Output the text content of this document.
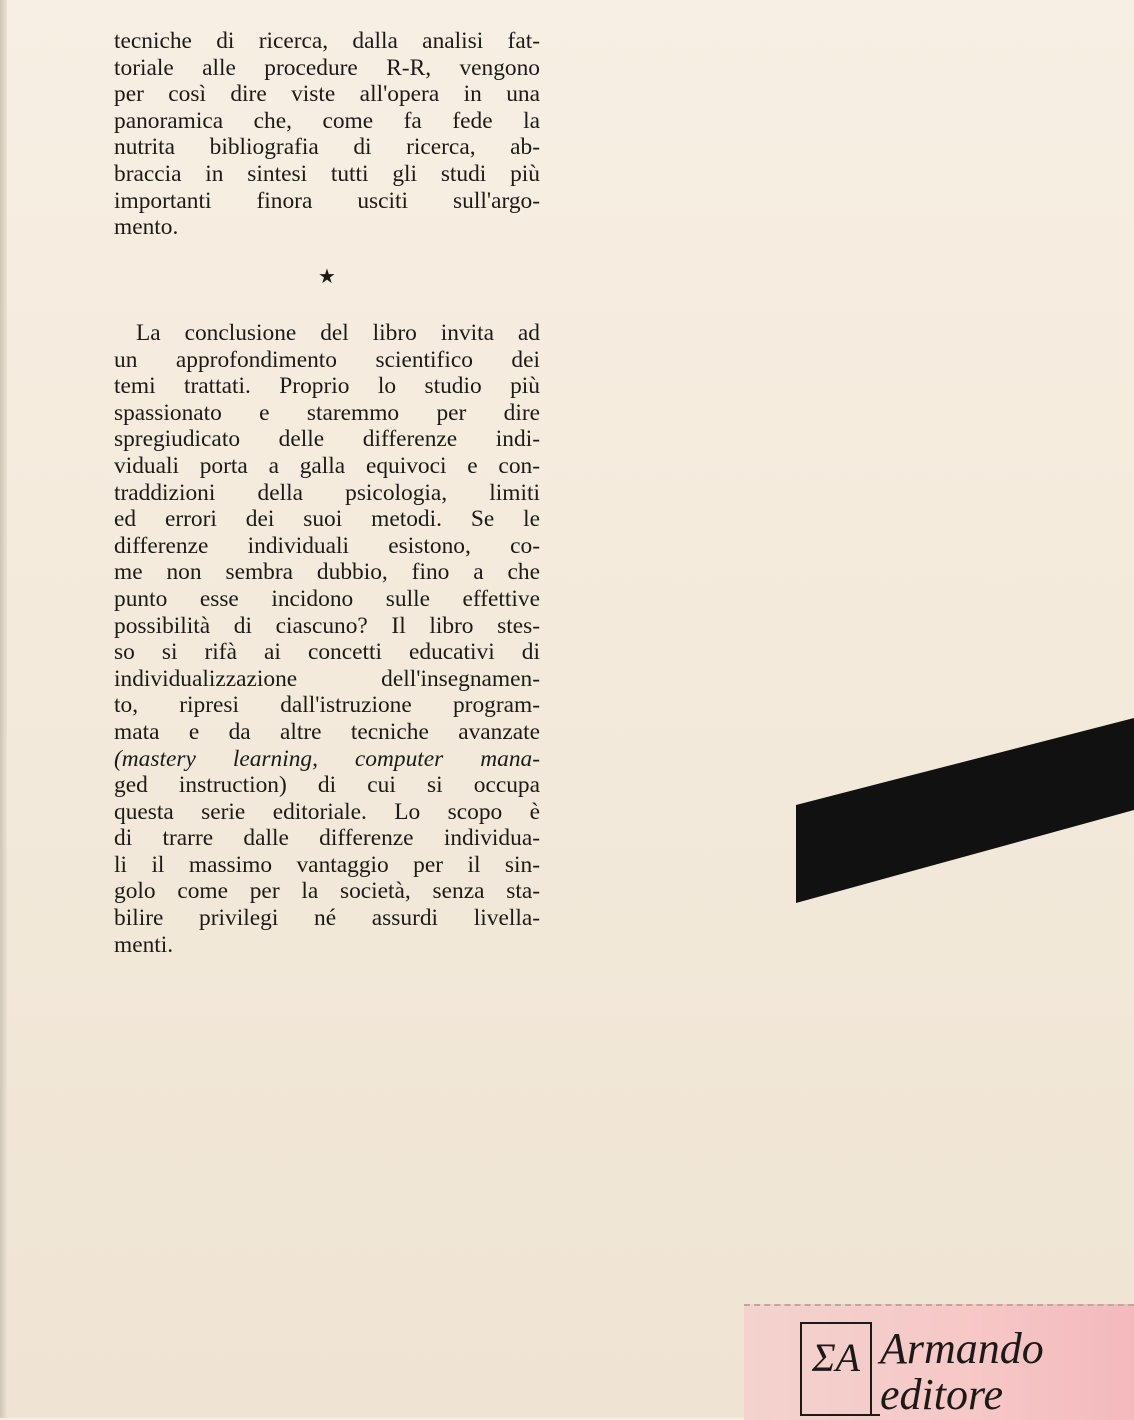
tecniche di ricerca, dalla analisi fat-
toriale alle procedure R-R, vengono
per così dire viste all'opera in una
panoramica che, come fa fede la
nutrita bibliografia di ricerca, ab-
braccia in sintesi tutti gli studi più
importanti finora usciti sull'argo-
mento.
★
La conclusione del libro invita ad
un approfondimento scientifico dei
temi trattati. Proprio lo studio più
spassionato e staremmo per dire
spregiudicato delle differenze indi-
viduali porta a galla equivoci e con-
traddizioni della psicologia, limiti
ed errori dei suoi metodi. Se le
differenze individuali esistono, co-
me non sembra dubbio, fino a che
punto esse incidono sulle effettive
possibilità di ciascuno? Il libro stes-
so si rifà ai concetti educativi di
individualizzazione dell'insegnamen-
to, ripresi dall'istruzione program-
mata e da altre tecniche avanzate
(mastery learning, computer mana-
ged instruction) di cui si occupa
questa serie editoriale. Lo scopo è
di trarre dalle differenze individua-
li il massimo vantaggio per il sin-
golo come per la società, senza sta-
bilire privilegi né assurdi livella-
menti.
ΣA Armando
editore
